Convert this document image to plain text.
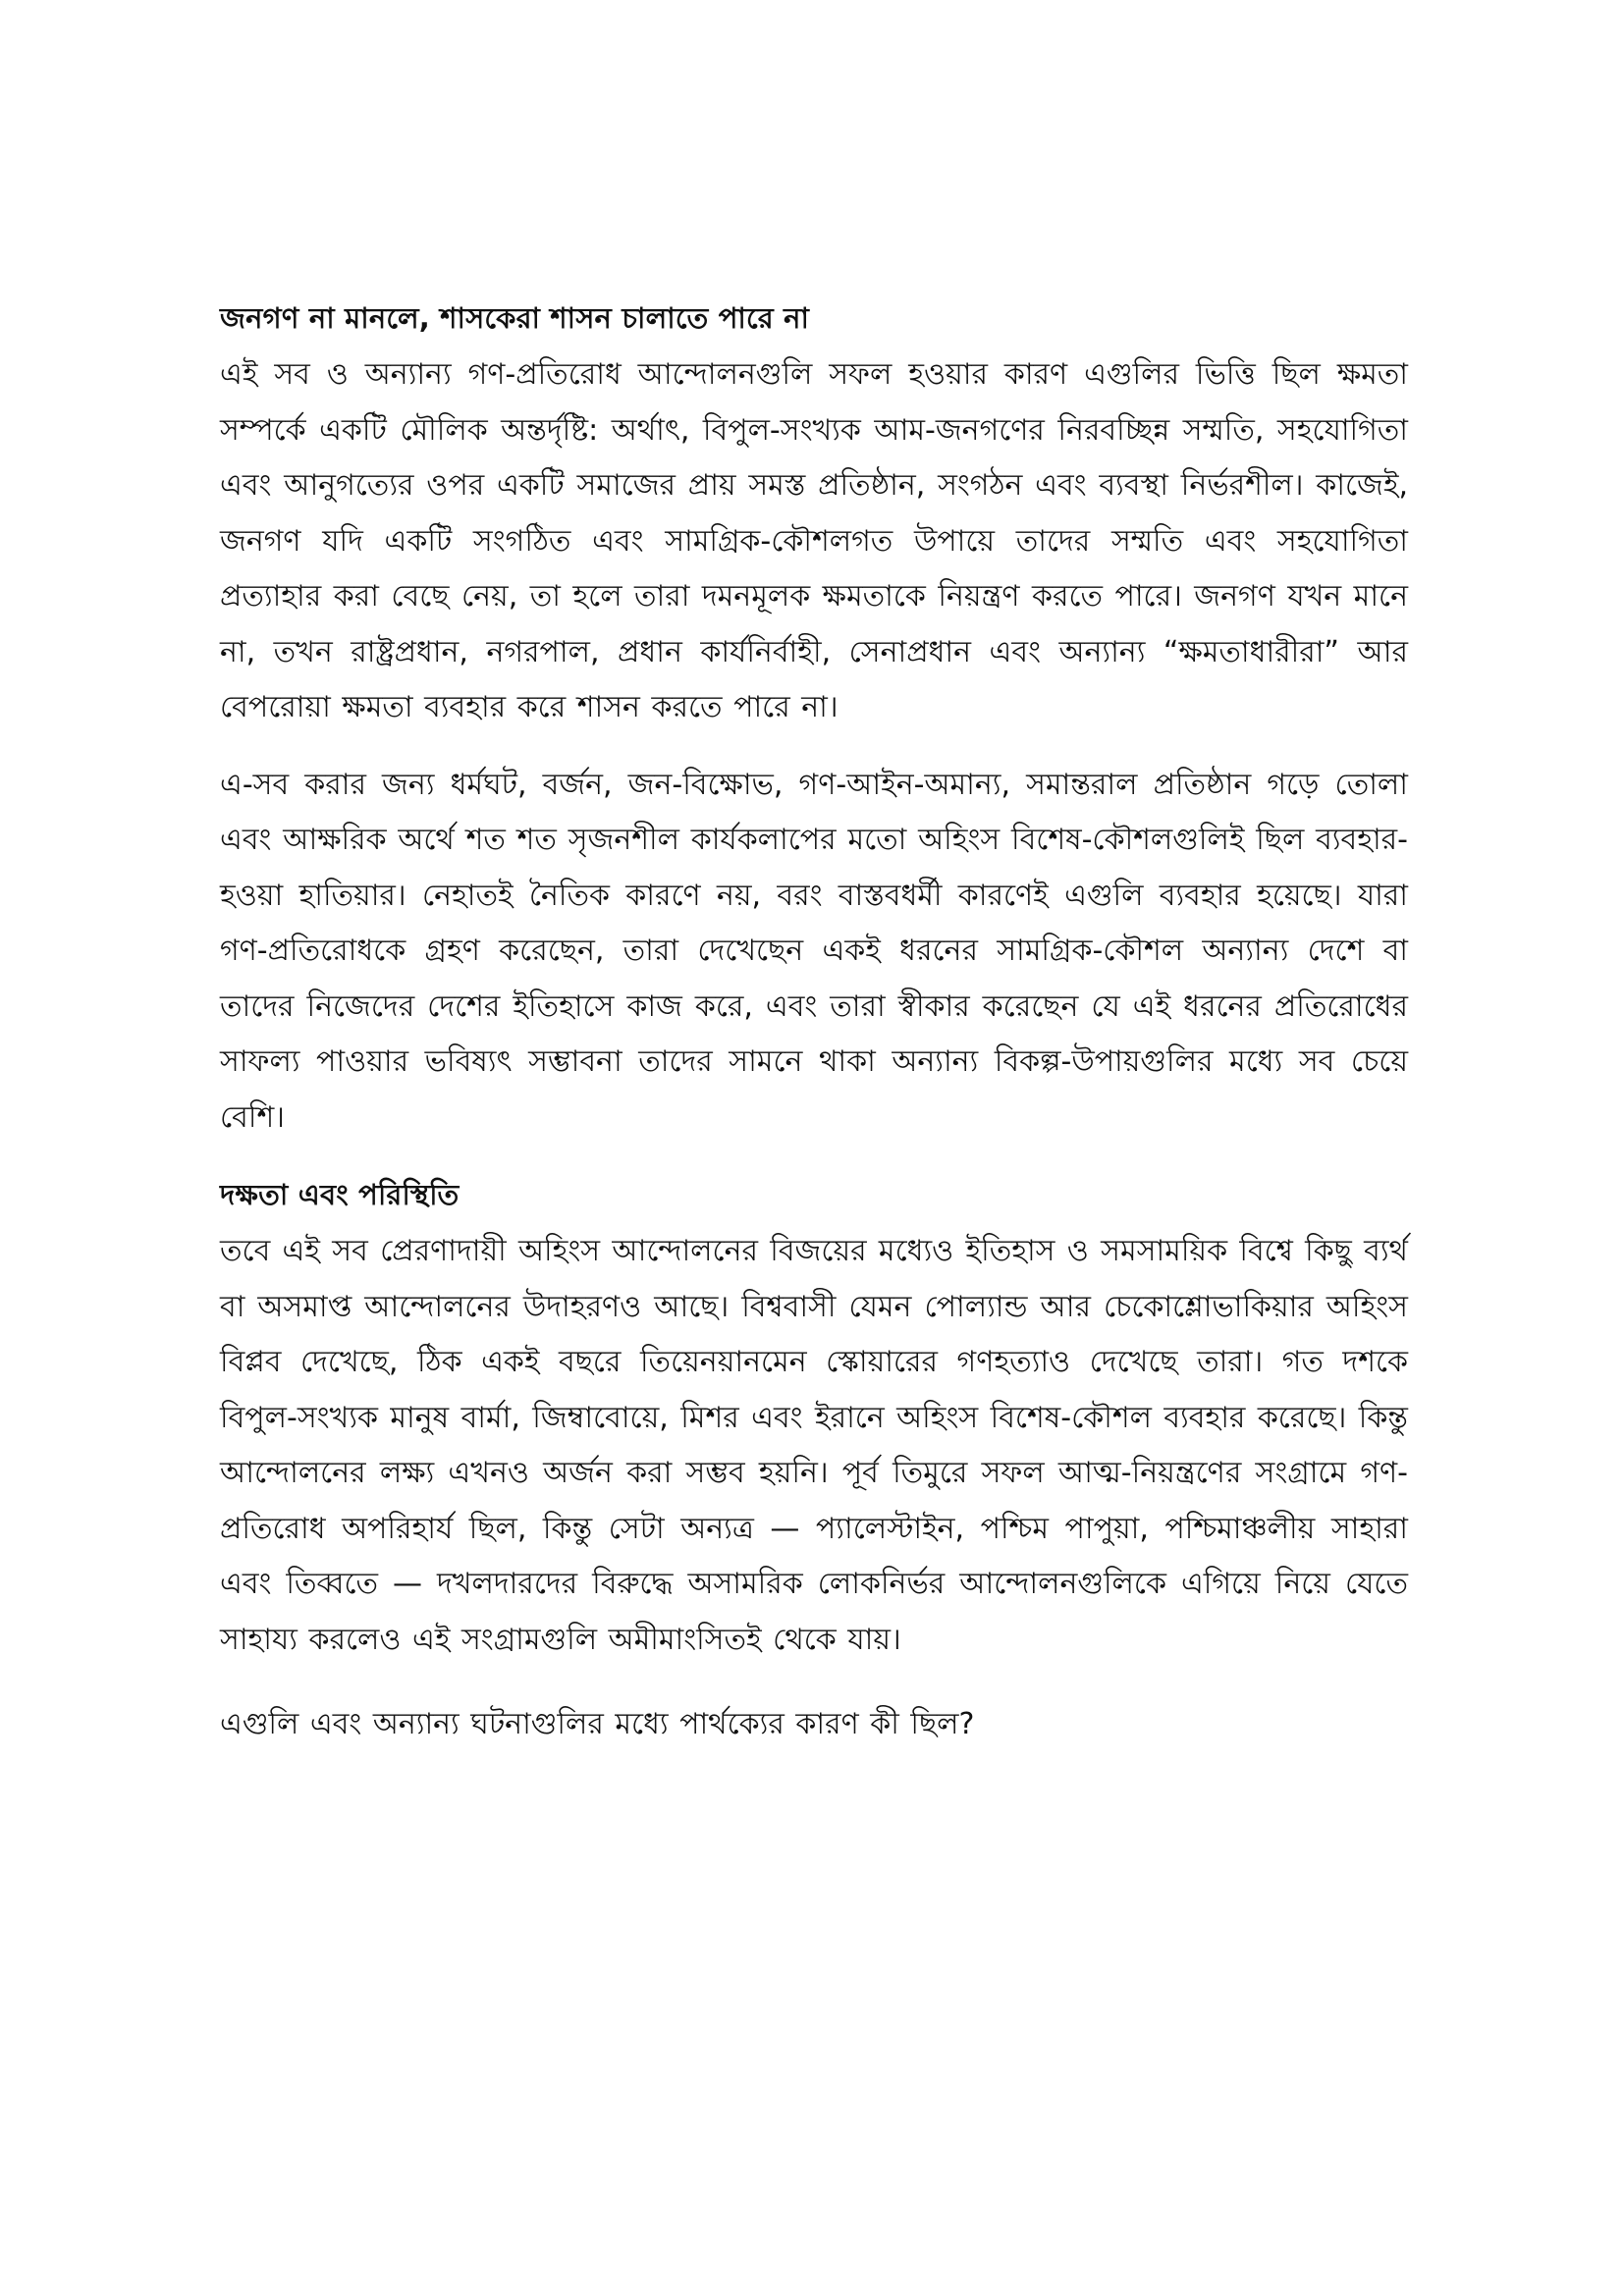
জনগণ না মানলে, শাসকেরা শাসন চালাতে পারে না

এই সব ও অন্যান্য গণ-প্রতিরোধ আন্দোলনগুলি সফল হওয়ার কারণ এগুলির ভিত্তি ছিল ক্ষমতা সম্পর্কে একটি মৌলিক অন্তর্দৃষ্টি: অর্থাৎ, বিপুল-সংখ্যক আম-জনগণের নিরবচ্ছিন্ন সম্মতি, সহযোগিতা এবং আনুগত্যের ওপর একটি সমাজের প্রায় সমস্ত প্রতিষ্ঠান, সংগঠন এবং ব্যবস্থা নির্ভরশীল। কাজেই, জনগণ যদি একটি সংগঠিত এবং সামগ্রিক-কৌশলগত উপায়ে তাদের সম্মতি এবং সহযোগিতা প্রত্যাহার করা বেছে নেয়, তা হলে তারা দমনমূলক ক্ষমতাকে নিয়ন্ত্রণ করতে পারে। জনগণ যখন মানে না, তখন রাষ্ট্রপ্রধান, নগরপাল, প্রধান কার্যনির্বাহী, সেনাপ্রধান এবং অন্যান্য “ক্ষমতাধারীরা” আর বেপরোয়া ক্ষমতা ব্যবহার করে শাসন করতে পারে না।

এ-সব করার জন্য ধর্মঘট, বর্জন, জন-বিক্ষোভ, গণ-আইন-অমান্য, সমান্তরাল প্রতিষ্ঠান গড়ে তোলা এবং আক্ষরিক অর্থে শত শত সৃজনশীল কার্যকলাপের মতো অহিংস বিশেষ-কৌশলগুলিই ছিল ব্যবহার-হওয়া হাতিয়ার। নেহাতই নৈতিক কারণে নয়, বরং বাস্তবধর্মী কারণেই এগুলি ব্যবহার হয়েছে। যারা গণ-প্রতিরোধকে গ্রহণ করেছেন, তারা দেখেছেন একই ধরনের সামগ্রিক-কৌশল অন্যান্য দেশে বা তাদের নিজেদের দেশের ইতিহাসে কাজ করে, এবং তারা স্বীকার করেছেন যে এই ধরনের প্রতিরোধের সাফল্য পাওয়ার ভবিষ্যৎ সম্ভাবনা তাদের সামনে থাকা অন্যান্য বিকল্প-উপায়গুলির মধ্যে সব চেয়ে বেশি।

দক্ষতা এবং পরিস্থিতি

তবে এই সব প্রেরণাদায়ী অহিংস আন্দোলনের বিজয়ের মধ্যেও ইতিহাস ও সমসাময়িক বিশ্বে কিছু ব্যর্থ বা অসমাপ্ত আন্দোলনের উদাহরণও আছে। বিশ্ববাসী যেমন পোল্যান্ড আর চেকোশ্লোভাকিয়ার অহিংস বিপ্লব দেখেছে, ঠিক একই বছরে তিয়েনয়ানমেন স্কোয়ারের গণহত্যাও দেখেছে তারা। গত দশকে বিপুল-সংখ্যক মানুষ বার্মা, জিম্বাবোয়ে, মিশর এবং ইরানে অহিংস বিশেষ-কৌশল ব্যবহার করেছে। কিন্তু আন্দোলনের লক্ষ্য এখনও অর্জন করা সম্ভব হয়নি। পূর্ব তিমুরে সফল আত্ম-নিয়ন্ত্রণের সংগ্রামে গণ-প্রতিরোধ অপরিহার্য ছিল, কিন্তু সেটা অন্যত্র — প্যালেস্টাইন, পশ্চিম পাপুয়া, পশ্চিমাঞ্চলীয় সাহারা এবং তিব্বতে — দখলদারদের বিরুদ্ধে অসামরিক লোকনির্ভর আন্দোলনগুলিকে এগিয়ে নিয়ে যেতে সাহায্য করলেও এই সংগ্রামগুলি অমীমাংসিতই থেকে যায়।

এগুলি এবং অন্যান্য ঘটনাগুলির মধ্যে পার্থক্যের কারণ কী ছিল?
